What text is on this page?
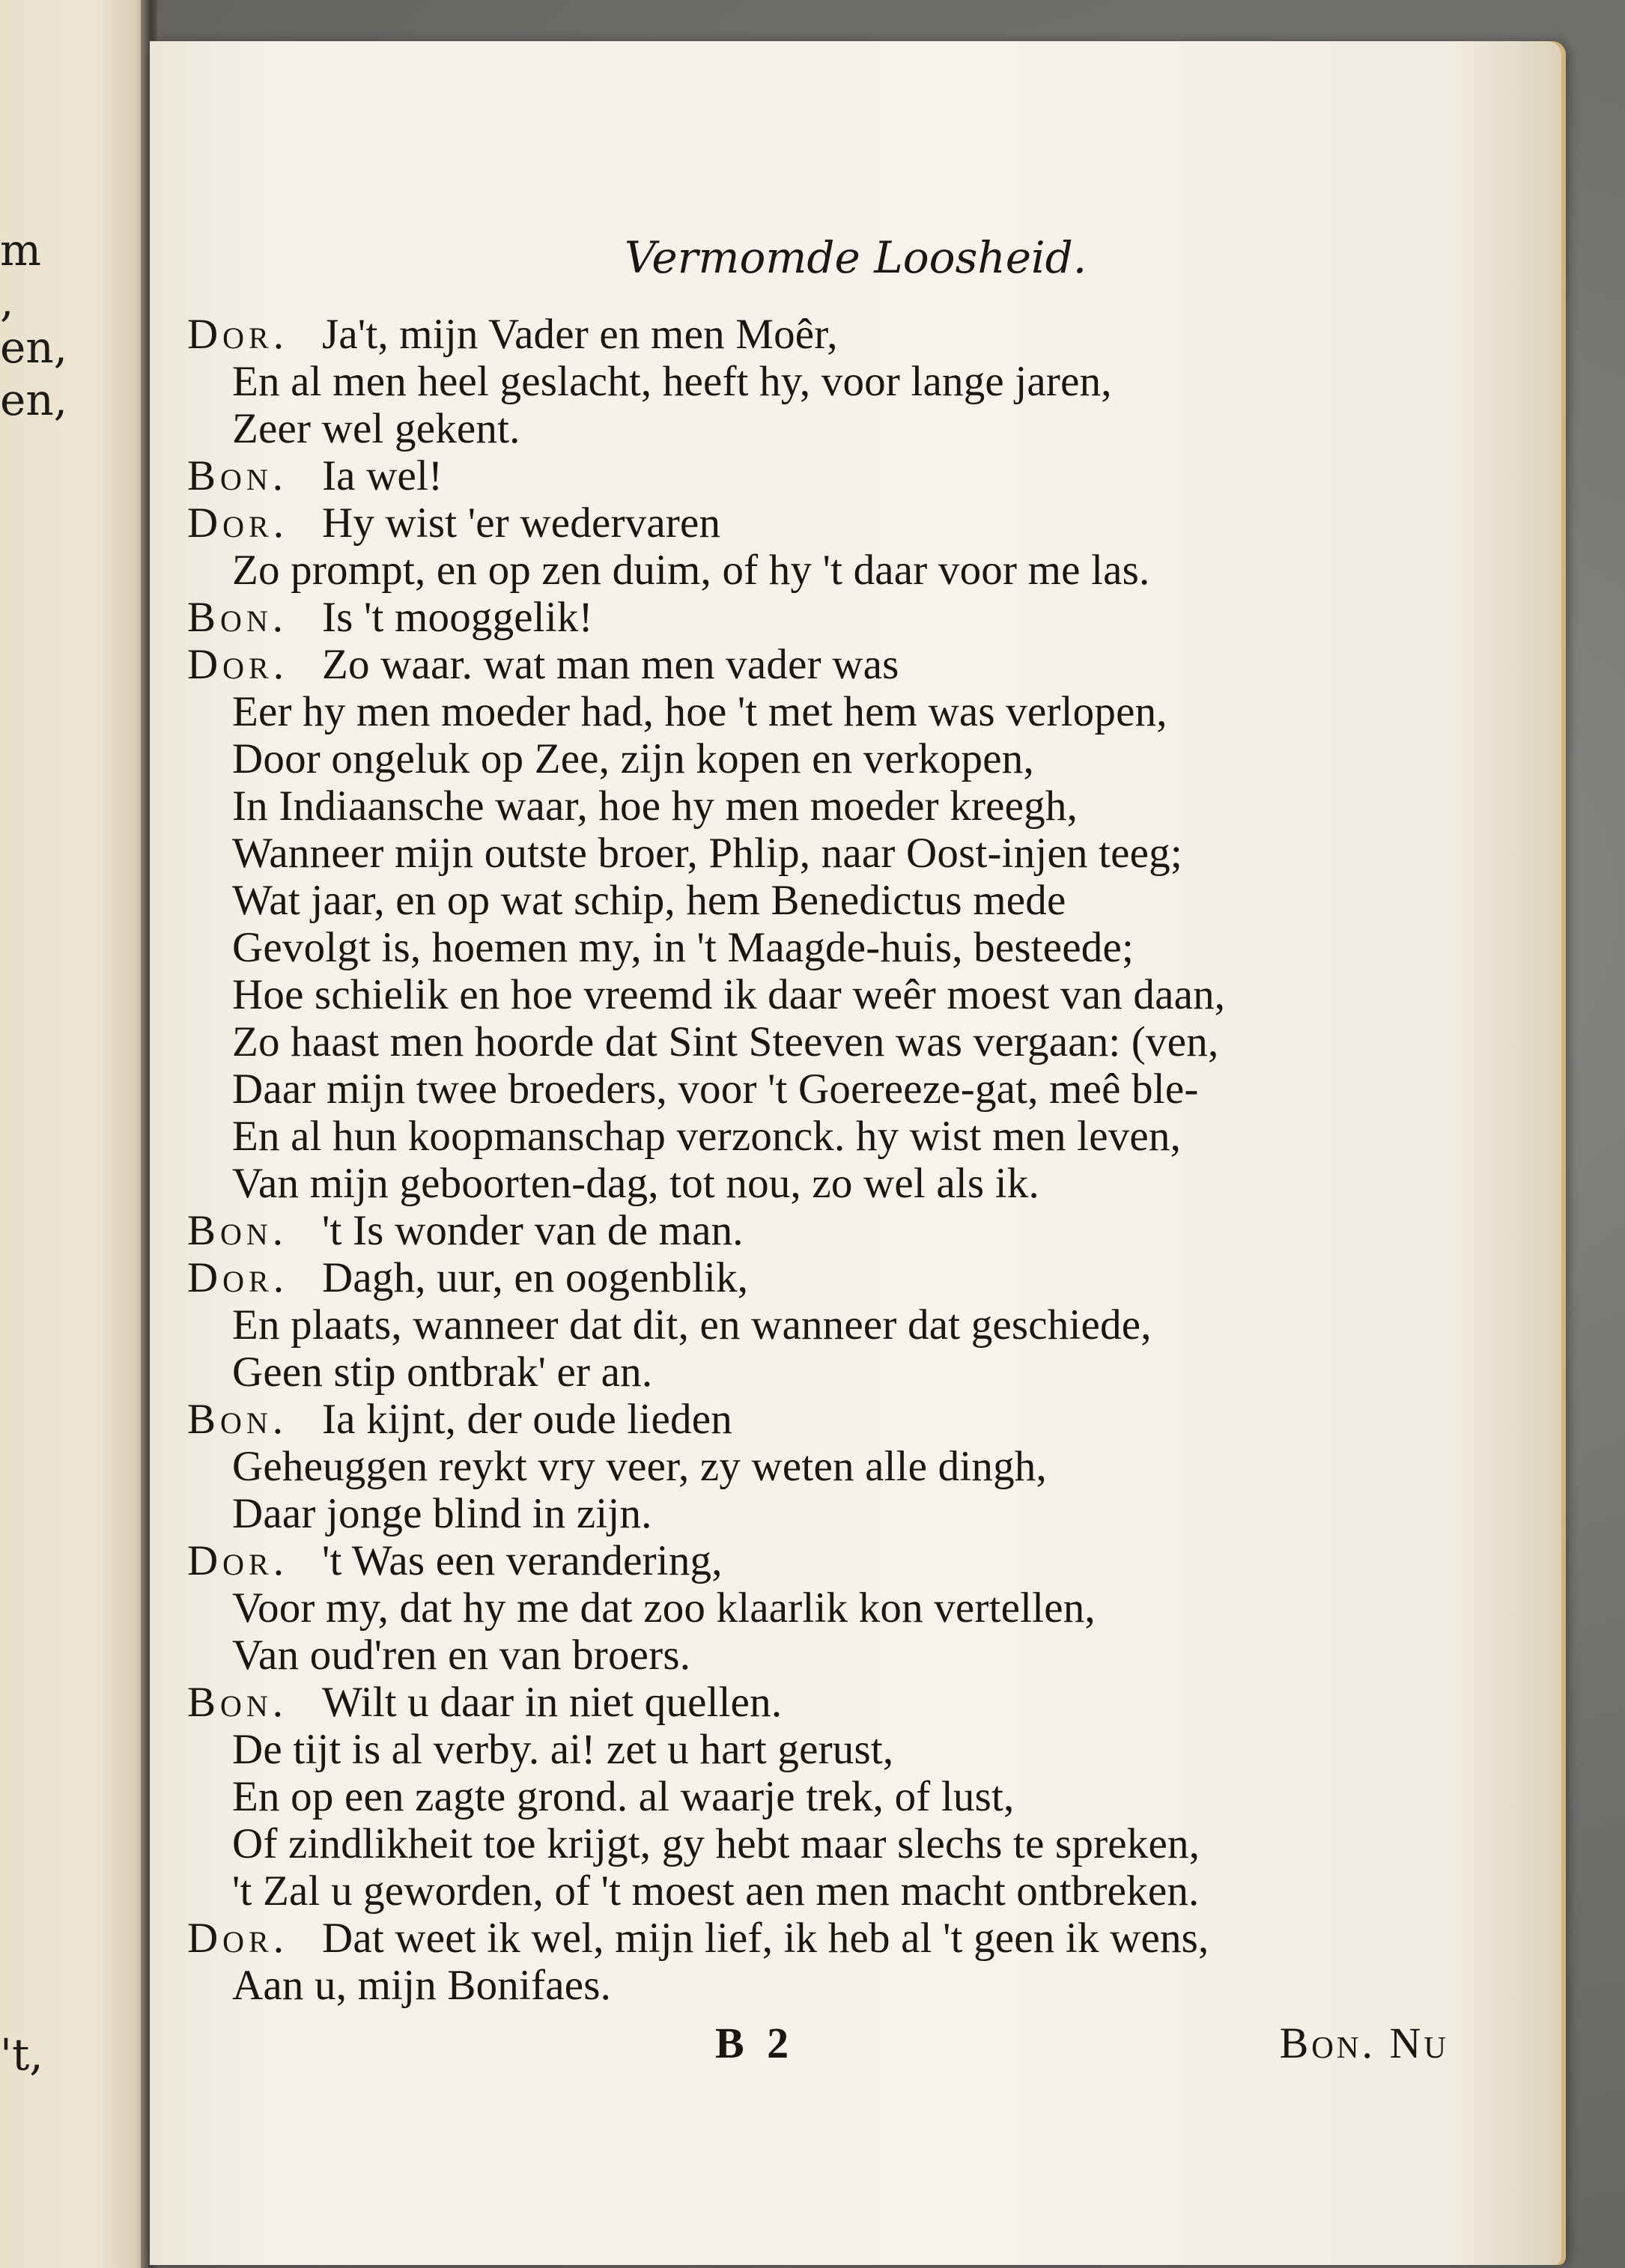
m
,
en,
en,
't,
Vermomde Loosheid.
Dor. Ja't, mijn Vader en men Moêr,
En al men heel geslacht, heeft hy, voor lange jaren,
Zeer wel gekent.
Bon. Ia wel!
Dor. Hy wist 'er wedervaren
Zo prompt, en op zen duim, of hy 't daar voor me las.
Bon. Is 't mooggelik!
Dor. Zo waar. wat man men vader was
Eer hy men moeder had, hoe 't met hem was verlopen,
Door ongeluk op Zee, zijn kopen en verkopen,
In Indiaansche waar, hoe hy men moeder kreegh,
Wanneer mijn outste broer, Phlip, naar Oost-injen teeg;
Wat jaar, en op wat schip, hem Benedictus mede
Gevolgt is, hoemen my, in 't Maagde-huis, besteede;
Hoe schielik en hoe vreemd ik daar weêr moest van daan,
Zo haast men hoorde dat Sint Steeven was vergaan: (ven,
Daar mijn twee broeders, voor 't Goereeze-gat, meê ble-
En al hun koopmanschap verzonck. hy wist men leven,
Van mijn geboorten-dag, tot nou, zo wel als ik.
Bon. 't Is wonder van de man.
Dor. Dagh, uur, en oogenblik,
En plaats, wanneer dat dit, en wanneer dat geschiede,
Geen stip ontbrak' er an.
Bon. Ia kijnt, der oude lieden
Geheuggen reykt vry veer, zy weten alle dingh,
Daar jonge blind in zijn.
Dor. 't Was een verandering,
Voor my, dat hy me dat zoo klaarlik kon vertellen,
Van oud'ren en van broers.
Bon. Wilt u daar in niet quellen.
De tijt is al verby. ai! zet u hart gerust,
En op een zagte grond. al waarje trek, of lust,
Of zindlikheit toe krijgt, gy hebt maar slechs te spreken,
't Zal u geworden, of 't moest aen men macht ontbreken.
Dor. Dat weet ik wel, mijn lief, ik heb al 't geen ik wens,
Aan u, mijn Bonifaes.
B 2	Bon. Nu
